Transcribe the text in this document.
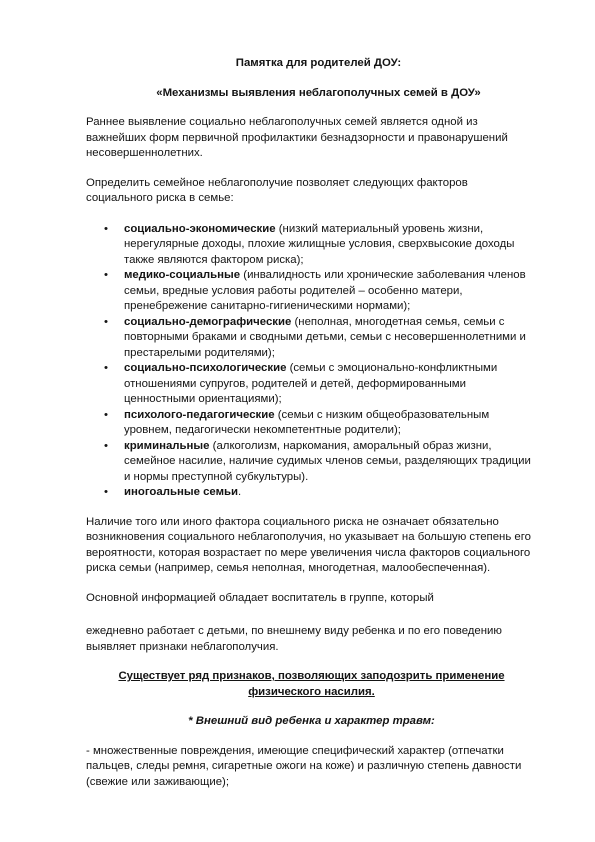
Памятка для родителей ДОУ:

«Механизмы выявления неблагополучных семей в ДОУ»

Раннее выявление социально неблагополучных семей является одной из важнейших форм первичной профилактики безнадзорности и правонарушений несовершеннолетних.

Определить семейное неблагополучие позволяет следующих факторов социального риска в семье:

• социально-экономические (низкий материальный уровень жизни, нерегулярные доходы, плохие жилищные условия, сверхвысокие доходы также являются фактором риска);
• медико-социальные (инвалидность или хронические заболевания членов семьи, вредные условия работы родителей – особенно матери, пренебрежение санитарно-гигиеническими нормами);
• социально-демографические (неполная, многодетная семья, семьи с повторными браками и сводными детьми, семьи с несовершеннолетними и престарелыми родителями);
• социально-психологические (семьи с эмоционально-конфликтными отношениями супругов, родителей и детей, деформированными ценностными ориентациями);
• психолого-педагогические (семьи с низким общеобразовательным уровнем, педагогически некомпетентные родители);
• криминальные (алкоголизм, наркомания, аморальный образ жизни, семейное насилие, наличие судимых членов семьи, разделяющих традиции и нормы преступной субкультуры).
• иногоальные семьи.

Наличие того или иного фактора социального риска не означает обязательно возникновения социального неблагополучия, но указывает на большую степень его вероятности, которая возрастает по мере увеличения числа факторов социального риска семьи (например, семья неполная, многодетная, малообеспеченная).

Основной информацией обладает воспитатель в группе, который

ежедневно работает с детьми, по внешнему виду ребенка и по его поведению выявляет признаки неблагополучия.

Существует ряд признаков, позволяющих заподозрить применение физического насилия.

* Внешний вид ребенка и характер травм:

- множественные повреждения, имеющие специфический характер (отпечатки пальцев, следы ремня, сигаретные ожоги на коже) и различную степень давности (свежие или заживающие);
